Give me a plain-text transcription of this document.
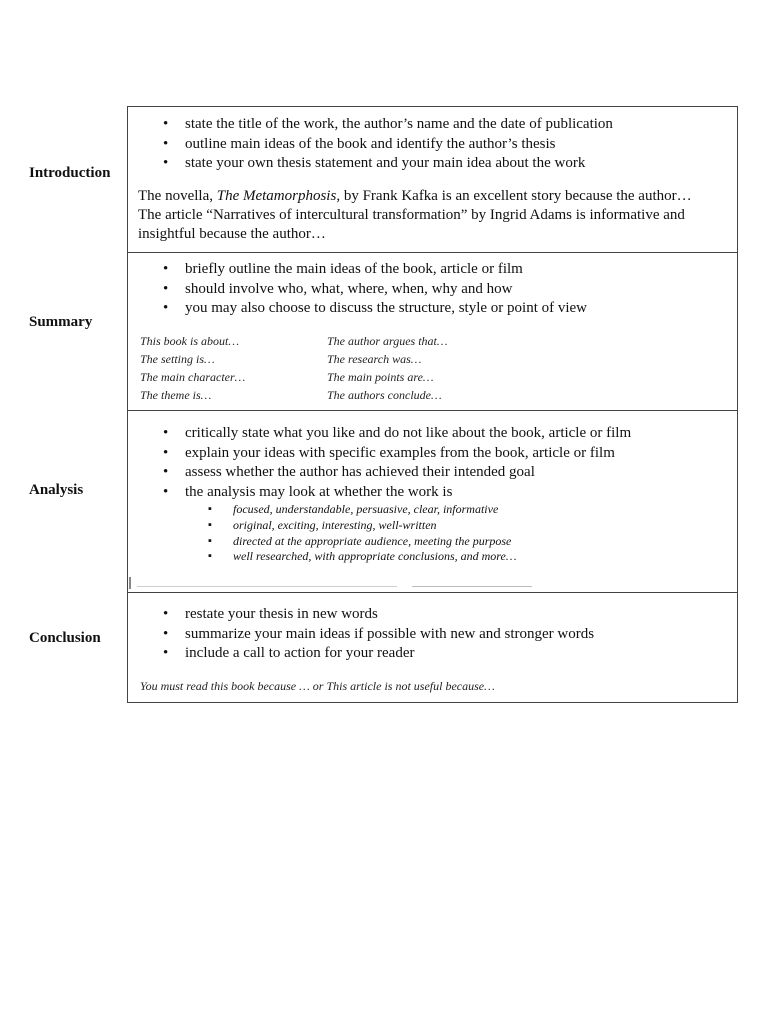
Introduction
Summary
Analysis
Conclusion
• state the title of the work, the author’s name and the date of publication
• outline main ideas of the book and identify the author’s thesis
• state your own thesis statement and your main idea about the work
The novella, The Metamorphosis, by Frank Kafka is an excellent story because the author…
The article “Narratives of intercultural transformation” by Ingrid Adams is informative and
insightful because the author…
• briefly outline the main ideas of the book, article or film
• should involve who, what, where, when, why and how
• you may also choose to discuss the structure, style or point of view
This book is about…
The setting is…
The main character…
The theme is…
The author argues that…
The research was…
The main points are…
The authors conclude…
• critically state what you like and do not like about the book, article or film
• explain your ideas with specific examples from the book, article or film
• assess whether the author has achieved their intended goal
• the analysis may look at whether the work is
▪ focused, understandable, persuasive, clear, informative
▪ original, exciting, interesting, well-written
▪ directed at the appropriate audience, meeting the purpose
▪ well researched, with appropriate conclusions, and more…
• restate your thesis in new words
• summarize your main ideas if possible with new and stronger words
• include a call to action for your reader
You must read this book because … or This article is not useful because…
